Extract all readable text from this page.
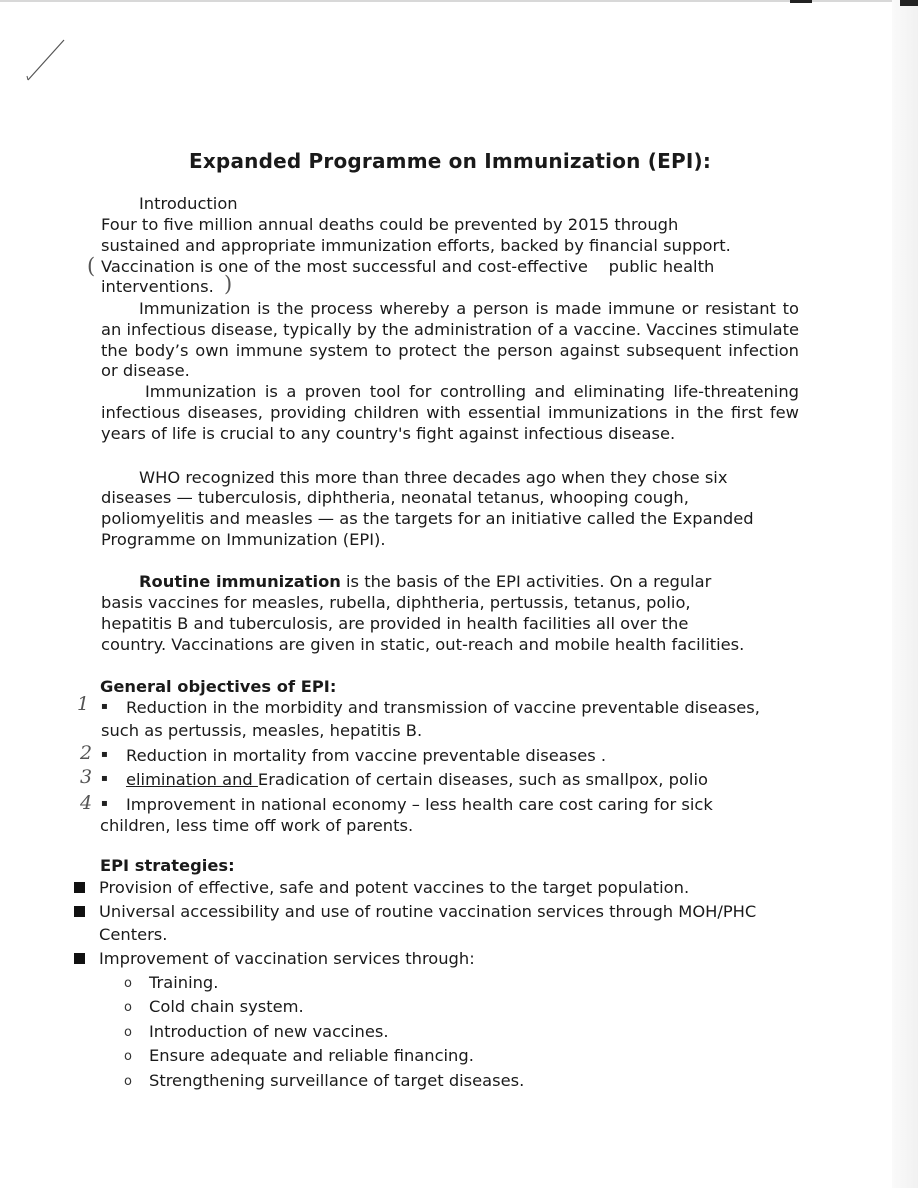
Expanded Programme on Immunization (EPI):
Introduction
Four to five million annual deaths could be prevented by 2015 through
sustained and appropriate immunization efforts, backed by financial support.
( Vaccination is one of the most successful and cost-effective    public health
interventions. )
Immunization is the process whereby a person is made immune or resistant to an infectious disease, typically by the administration of a vaccine. Vaccines stimulate the body’s own immune system to protect the person against subsequent infection or disease.
Immunization is a proven tool for controlling and eliminating life-threatening infectious diseases, providing children with essential immunizations in the first few years of life is crucial to any country's fight against infectious disease.
WHO recognized this more than three decades ago when they chose six
diseases — tuberculosis, diphtheria, neonatal tetanus, whooping cough,
poliomyelitis and measles — as the targets for an initiative called the Expanded
Programme on Immunization (EPI).
Routine immunization is the basis of the EPI activities. On a regular
basis vaccines for measles, rubella, diphtheria, pertussis, tetanus, polio,
hepatitis B and tuberculosis, are provided in health facilities all over the
country. Vaccinations are given in static, out-reach and mobile health facilities.
General objectives of EPI:
1 ▪ Reduction in the morbidity and transmission of vaccine preventable diseases,
such as pertussis, measles, hepatitis B.
2 ▪ Reduction in mortality from vaccine preventable diseases .
3 ▪ elimination and Eradication of certain diseases, such as smallpox, polio
4 ▪ Improvement in national economy – less health care cost caring for sick
children, less time off work of parents.
EPI strategies:
Provision of effective, safe and potent vaccines to the target population.
Universal accessibility and use of routine vaccination services through MOH/PHC
Centers.
Improvement of vaccination services through:
o Training.
o Cold chain system.
o Introduction of new vaccines.
o Ensure adequate and reliable financing.
o Strengthening surveillance of target diseases.
